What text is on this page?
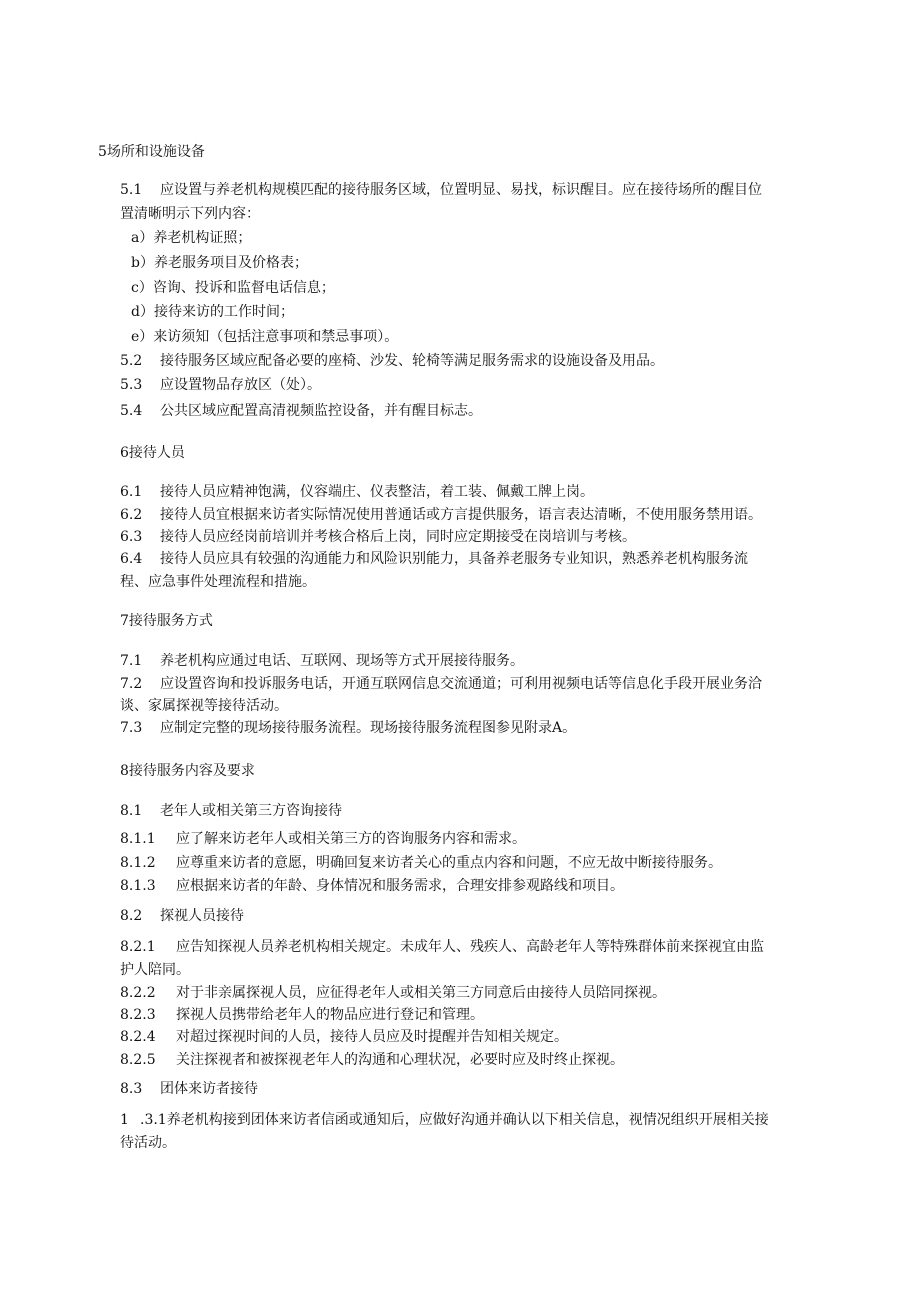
5场所和设施设备
5.1 应设置与养老机构规模匹配的接待服务区域，位置明显、易找，标识醒目。应在接待场所的醒目位
置清晰明示下列内容：
a）养老机构证照；
b）养老服务项目及价格表；
c）咨询、投诉和监督电话信息；
d）接待来访的工作时间；
e）来访须知（包括注意事项和禁忌事项）。
5.2 接待服务区域应配备必要的座椅、沙发、轮椅等满足服务需求的设施设备及用品。
5.3 应设置物品存放区（处）。
5.4 公共区域应配置高清视频监控设备，并有醒目标志。
6接待人员
6.1 接待人员应精神饱满，仪容端庄、仪表整洁，着工装、佩戴工牌上岗。
6.2 接待人员宜根据来访者实际情况使用普通话或方言提供服务，语言表达清晰，不使用服务禁用语。
6.3 接待人员应经岗前培训并考核合格后上岗，同时应定期接受在岗培训与考核。
6.4 接待人员应具有较强的沟通能力和风险识别能力，具备养老服务专业知识，熟悉养老机构服务流
程、应急事件处理流程和措施。
7接待服务方式
7.1 养老机构应通过电话、互联网、现场等方式开展接待服务。
7.2 应设置咨询和投诉服务电话，开通互联网信息交流通道；可利用视频电话等信息化手段开展业务洽
谈、家属探视等接待活动。
7.3 应制定完整的现场接待服务流程。现场接待服务流程图参见附录A。
8接待服务内容及要求
8.1 老年人或相关第三方咨询接待
8.1.1 应了解来访老年人或相关第三方的咨询服务内容和需求。
8.1.2 应尊重来访者的意愿，明确回复来访者关心的重点内容和问题，不应无故中断接待服务。
8.1.3 应根据来访者的年龄、身体情况和服务需求，合理安排参观路线和项目。
8.2 探视人员接待
8.2.1 应告知探视人员养老机构相关规定。未成年人、残疾人、高龄老年人等特殊群体前来探视宜由监
护人陪同。
8.2.2 对于非亲属探视人员，应征得老年人或相关第三方同意后由接待人员陪同探视。
8.2.3 探视人员携带给老年人的物品应进行登记和管理。
8.2.4 对超过探视时间的人员，接待人员应及时提醒并告知相关规定。
8.2.5 关注探视者和被探视老年人的沟通和心理状况，必要时应及时终止探视。
8.3 团体来访者接待
1 .3.1养老机构接到团体来访者信函或通知后，应做好沟通并确认以下相关信息，视情况组织开展相关接
待活动。
